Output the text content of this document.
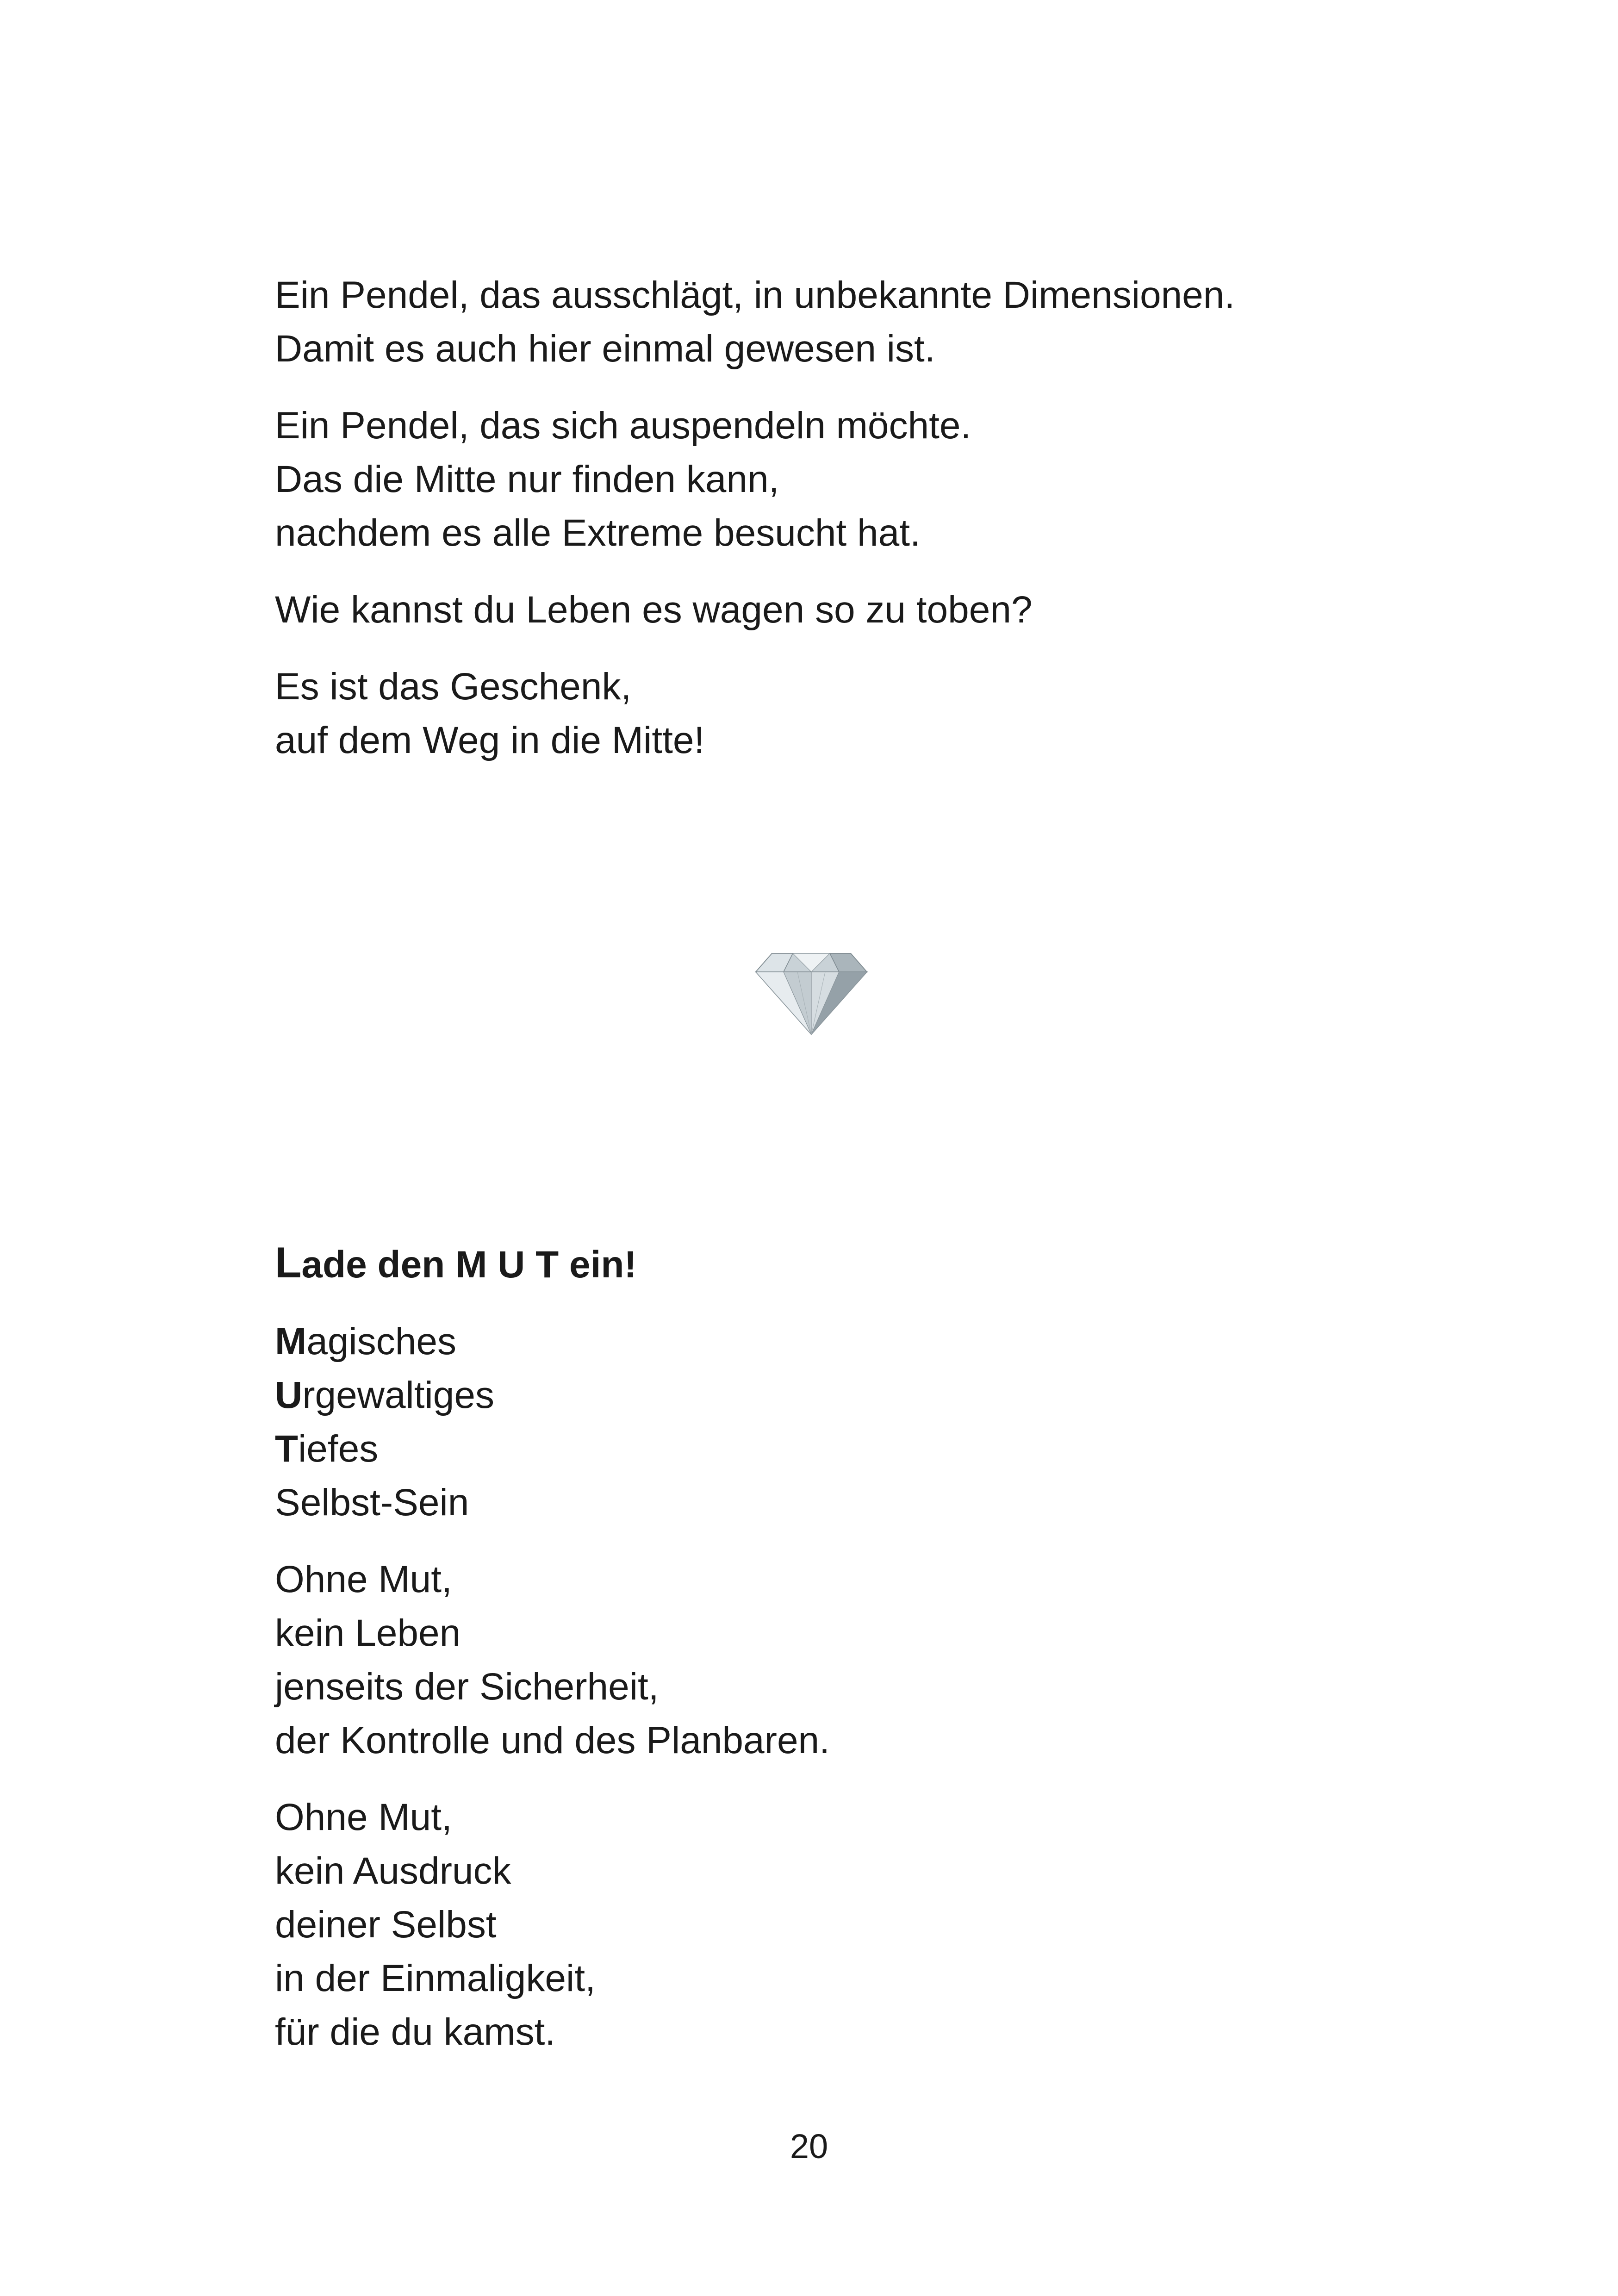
Ein Pendel, das ausschlägt, in unbekannte Dimensionen.
Damit es auch hier einmal gewesen ist.

Ein Pendel, das sich auspendeln möchte.
Das die Mitte nur finden kann,
nachdem es alle Extreme besucht hat.

Wie kannst du Leben es wagen so zu toben?

Es ist das Geschenk,
auf dem Weg in die Mitte!

Lade den M U T ein!

Magisches
Urgewaltiges
Tiefes
Selbst-Sein

Ohne Mut,
kein Leben
jenseits der Sicherheit,
der Kontrolle und des Planbaren.

Ohne Mut,
kein Ausdruck
deiner Selbst
in der Einmaligkeit,
für die du kamst.

20
